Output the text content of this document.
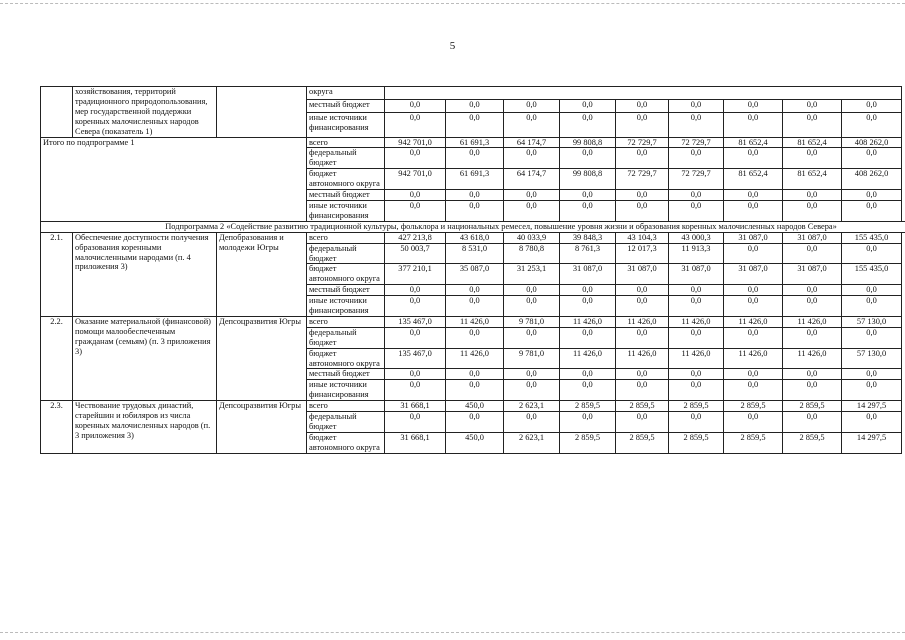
5
	хозяйствования, территорий традиционного природопользования, мер государственной поддержки коренных малочисленных народов Севера (показатель 1)		округа									
			местный бюджет	0,0	0,0	0,0	0,0	0,0	0,0	0,0	0,0	0,0
			иные источники финансирования	0,0	0,0	0,0	0,0	0,0	0,0	0,0	0,0	0,0
Итого по подпрограмме 1			всего	942 701,0	61 691,3	64 174,7	99 808,8	72 729,7	72 729,7	81 652,4	81 652,4	408 262,0
			федеральный бюджет	0,0	0,0	0,0	0,0	0,0	0,0	0,0	0,0	0,0
			бюджет автономного округа	942 701,0	61 691,3	64 174,7	99 808,8	72 729,7	72 729,7	81 652,4	81 652,4	408 262,0
			местный бюджет	0,0	0,0	0,0	0,0	0,0	0,0	0,0	0,0	0,0
			иные источники финансирования	0,0	0,0	0,0	0,0	0,0	0,0	0,0	0,0	0,0
Подпрограмма 2 «Содействие развитию традиционной культуры, фольклора и национальных ремесел, повышение уровня жизни и образования коренных малочисленных народов Севера»												
2.1.	Обеспечение доступности получения образования коренными малочисленными народами (п. 4 приложения 3)	Депобразования и молодежи Югры	всего	427 213,8	43 618,0	40 033,9	39 848,3	43 104,3	43 000,3	31 087,0	31 087,0	155 435,0
			федеральный бюджет	50 003,7	8 531,0	8 780,8	8 761,3	12 017,3	11 913,3	0,0	0,0	0,0
			бюджет автономного округа	377 210,1	35 087,0	31 253,1	31 087,0	31 087,0	31 087,0	31 087,0	31 087,0	155 435,0
			местный бюджет	0,0	0,0	0,0	0,0	0,0	0,0	0,0	0,0	0,0
			иные источники финансирования	0,0	0,0	0,0	0,0	0,0	0,0	0,0	0,0	0,0
2.2.	Оказание материальной (финансовой) помощи малообеспеченным гражданам (семьям) (п. 3 приложения 3)	Депсоцразвития Югры	всего	135 467,0	11 426,0	9 781,0	11 426,0	11 426,0	11 426,0	11 426,0	11 426,0	57 130,0
			федеральный бюджет	0,0	0,0	0,0	0,0	0,0	0,0	0,0	0,0	0,0
			бюджет автономного округа	135 467,0	11 426,0	9 781,0	11 426,0	11 426,0	11 426,0	11 426,0	11 426,0	57 130,0
			местный бюджет	0,0	0,0	0,0	0,0	0,0	0,0	0,0	0,0	0,0
			иные источники финансирования	0,0	0,0	0,0	0,0	0,0	0,0	0,0	0,0	0,0
2.3.	Чествование трудовых династий, старейшин и юбиляров из числа коренных малочисленных народов (п. 3 приложения 3)	Депсоцразвития Югры	всего	31 668,1	450,0	2 623,1	2 859,5	2 859,5	2 859,5	2 859,5	2 859,5	14 297,5
			федеральный бюджет	0,0	0,0	0,0	0,0	0,0	0,0	0,0	0,0	0,0
			бюджет автономного округа	31 668,1	450,0	2 623,1	2 859,5	2 859,5	2 859,5	2 859,5	2 859,5	14 297,5
